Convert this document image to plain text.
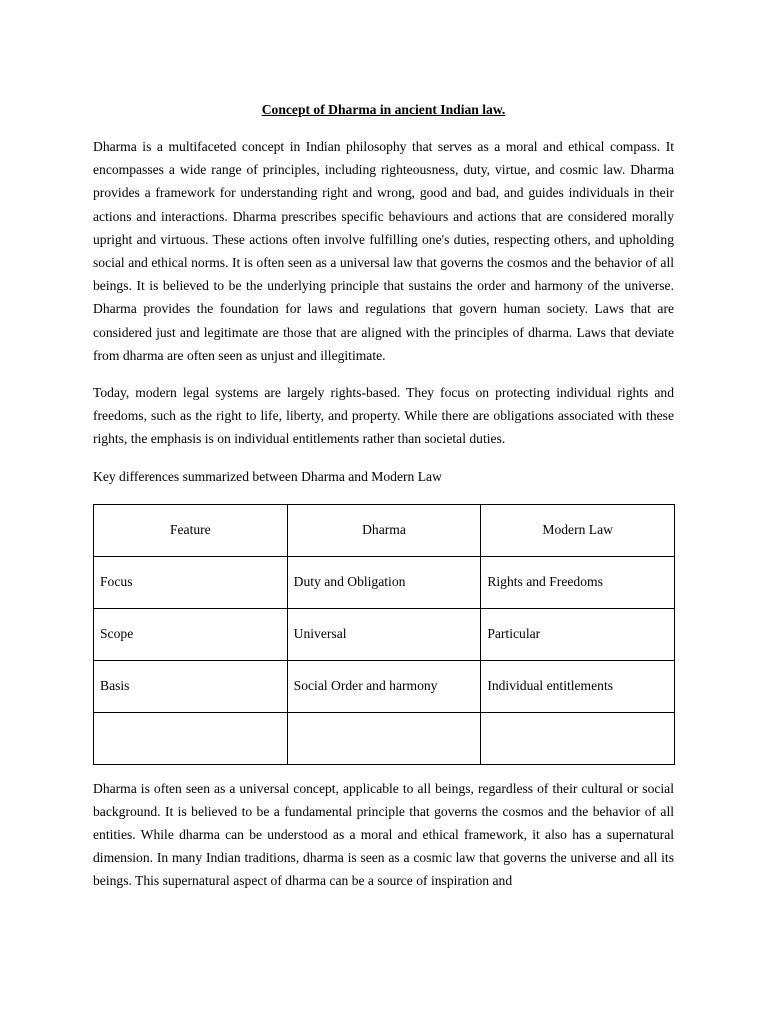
Concept of Dharma in ancient Indian law.

Dharma is a multifaceted concept in Indian philosophy that serves as a moral and ethical compass. It encompasses a wide range of principles, including righteousness, duty, virtue, and cosmic law. Dharma provides a framework for understanding right and wrong, good and bad, and guides individuals in their actions and interactions. Dharma prescribes specific behaviours and actions that are considered morally upright and virtuous. These actions often involve fulfilling one's duties, respecting others, and upholding social and ethical norms. It is often seen as a universal law that governs the cosmos and the behavior of all beings. It is believed to be the underlying principle that sustains the order and harmony of the universe. Dharma provides the foundation for laws and regulations that govern human society. Laws that are considered just and legitimate are those that are aligned with the principles of dharma. Laws that deviate from dharma are often seen as unjust and illegitimate.

Today, modern legal systems are largely rights-based. They focus on protecting individual rights and freedoms, such as the right to life, liberty, and property. While there are obligations associated with these rights, the emphasis is on individual entitlements rather than societal duties.

Key differences summarized between Dharma and Modern Law
Feature	Dharma	Modern Law
Focus	Duty and Obligation	Rights and Freedoms
Scope	Universal	Particular
Basis	Social Order and harmony	Individual entitlements

Dharma is often seen as a universal concept, applicable to all beings, regardless of their cultural or social background. It is believed to be a fundamental principle that governs the cosmos and the behavior of all entities. While dharma can be understood as a moral and ethical framework, it also has a supernatural dimension. In many Indian traditions, dharma is seen as a cosmic law that governs the universe and all its beings. This supernatural aspect of dharma can be a source of inspiration and
